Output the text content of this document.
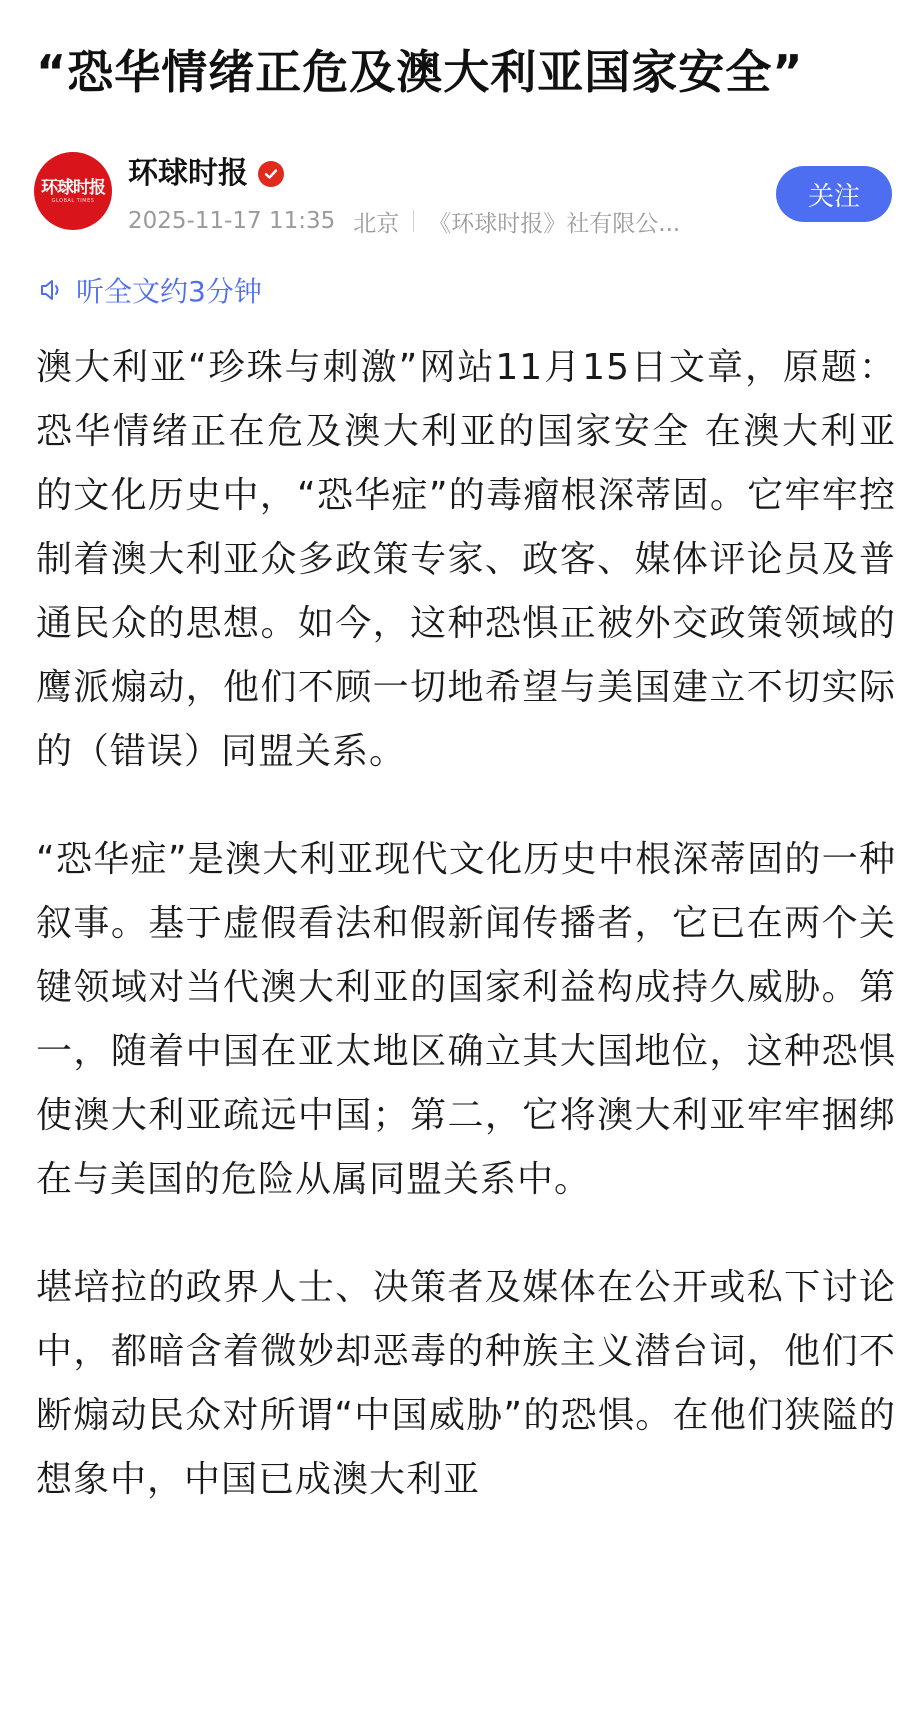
“恐华情绪正危及澳大利亚国家安全”
环球时报
GLOBAL TIMES
环球时报
2025-11-17 11:35 北京 《环球时报》社有限公...
关注
听全文约3分钟

澳大利亚“珍珠与刺激”网站11月15日文章，原题：恐华情绪正在危及澳大利亚的国家安全 在澳大利亚的文化历史中，“恐华症”的毒瘤根深蒂固。它牢牢控制着澳大利亚众多政策专家、政客、媒体评论员及普通民众的思想。如今，这种恐惧正被外交政策领域的鹰派煽动，他们不顾一切地希望与美国建立不切实际的（错误）同盟关系。

“恐华症”是澳大利亚现代文化历史中根深蒂固的一种叙事。基于虚假看法和假新闻传播者，它已在两个关键领域对当代澳大利亚的国家利益构成持久威胁。第一，随着中国在亚太地区确立其大国地位，这种恐惧使澳大利亚疏远中国；第二，它将澳大利亚牢牢捆绑在与美国的危险从属同盟关系中。

堪培拉的政界人士、决策者及媒体在公开或私下讨论中，都暗含着微妙却恶毒的种族主义潜台词，他们不断煽动民众对所谓“中国威胁”的恐惧。在他们狭隘的想象中，中国已成澳大利亚
